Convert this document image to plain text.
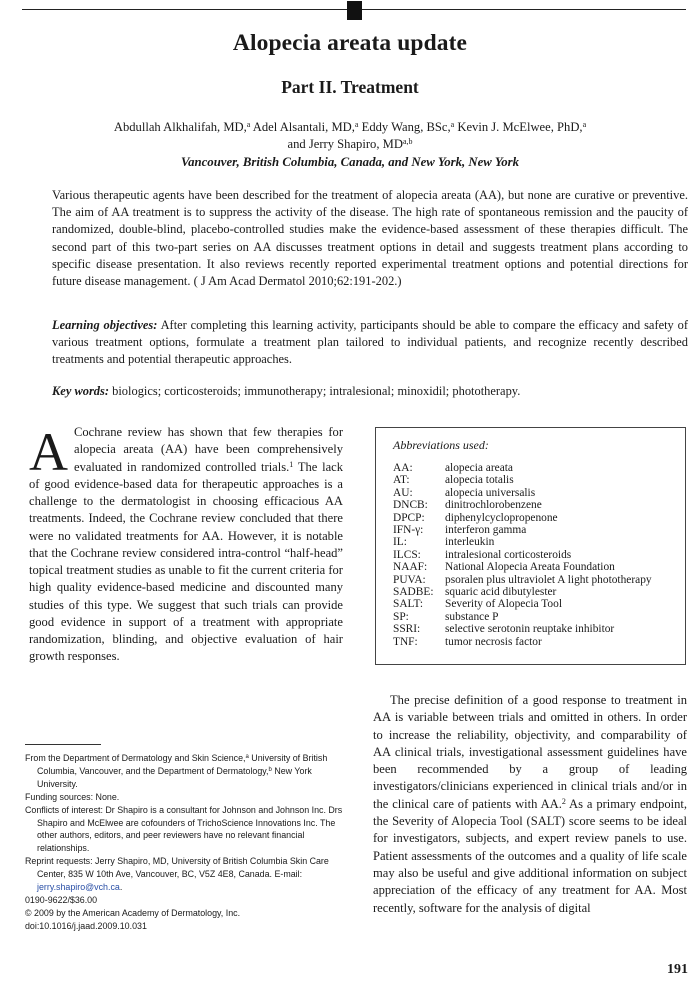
Alopecia areata update
Part II. Treatment
Abdullah Alkhalifah, MD,$^a$ Adel Alsantali, MD,$^a$ Eddy Wang, BSc,$^a$ Kevin J. McElwee, PhD,$^a$
and Jerry Shapiro, MD$^{a,b}$
Vancouver, British Columbia, Canada, and New York, New York

Various therapeutic agents have been described for the treatment of alopecia areata (AA), but none are curative or preventive. The aim of AA treatment is to suppress the activity of the disease. The high rate of spontaneous remission and the paucity of randomized, double-blind, placebo-controlled studies make the evidence-based assessment of these therapies difficult. The second part of this two-part series on AA discusses treatment options in detail and suggests treatment plans according to specific disease presentation. It also reviews recently reported experimental treatment options and potential directions for future disease management. ( J Am Acad Dermatol 2010;62:191-202.)

Learning objectives: After completing this learning activity, participants should be able to compare the efficacy and safety of various treatment options, formulate a treatment plan tailored to individual patients, and recognize recently described treatments and potential therapeutic approaches.

Key words: biologics; corticosteroids; immunotherapy; intralesional; minoxidil; phototherapy.

A Cochrane review has shown that few therapies for alopecia areata (AA) have been comprehensively evaluated in randomized controlled trials.$^1$ The lack of good evidence-based data for therapeutic approaches is a challenge to the dermatologist in choosing efficacious AA treatments. Indeed, the Cochrane review concluded that there were no validated treatments for AA. However, it is notable that the Cochrane review considered intra-control “half-head” topical treatment studies as unable to fit the current criteria for high quality evidence-based medicine and discounted many studies of this type. We suggest that such trials can provide good evidence in support of a treatment with appropriate randomization, blinding, and objective evaluation of hair growth responses.
Abbreviations used:
AA:	alopecia areata
AT:	alopecia totalis
AU:	alopecia universalis
DNCB:	dinitrochlorobenzene
DPCP:	diphenylcyclopropenone
IFN-γ:	interferon gamma
IL:	interleukin
ILCS:	intralesional corticosteroids
NAAF:	National Alopecia Areata Foundation
PUVA:	psoralen plus ultraviolet A light phototherapy
SADBE:	squaric acid dibutylester
SALT:	Severity of Alopecia Tool
SP:	substance P
SSRI:	selective serotonin reuptake inhibitor
TNF:	tumor necrosis factor
The precise definition of a good response to treatment in AA is variable between trials and omitted in others. In order to increase the reliability, objectivity, and comparability of AA clinical trials, investigational assessment guidelines have been recommended by a group of leading investigators/clinicians experienced in clinical trials and/or in the clinical care of patients with AA.$^2$ As a primary endpoint, the Severity of Alopecia Tool (SALT) score seems to be ideal for investigators, subjects, and expert review panels to use. Patient assessments of the outcomes and a quality of life scale may also be useful and give additional information on subject appreciation of the efficacy of any treatment for AA. Most recently, software for the analysis of digital
From the Department of Dermatology and Skin Science,$^a$ University of British Columbia, Vancouver, and the Department of Dermatology,$^b$ New York University.
Funding sources: None.
Conflicts of interest: Dr Shapiro is a consultant for Johnson and Johnson Inc. Drs Shapiro and McElwee are cofounders of TrichoScience Innovations Inc. The other authors, editors, and peer reviewers have no relevant financial relationships.
Reprint requests: Jerry Shapiro, MD, University of British Columbia Skin Care Center, 835 W 10th Ave, Vancouver, BC, V5Z 4E8, Canada. E-mail: jerry.shapiro@vch.ca.
0190-9622/$36.00
© 2009 by the American Academy of Dermatology, Inc.
doi:10.1016/j.jaad.2009.10.031
191
